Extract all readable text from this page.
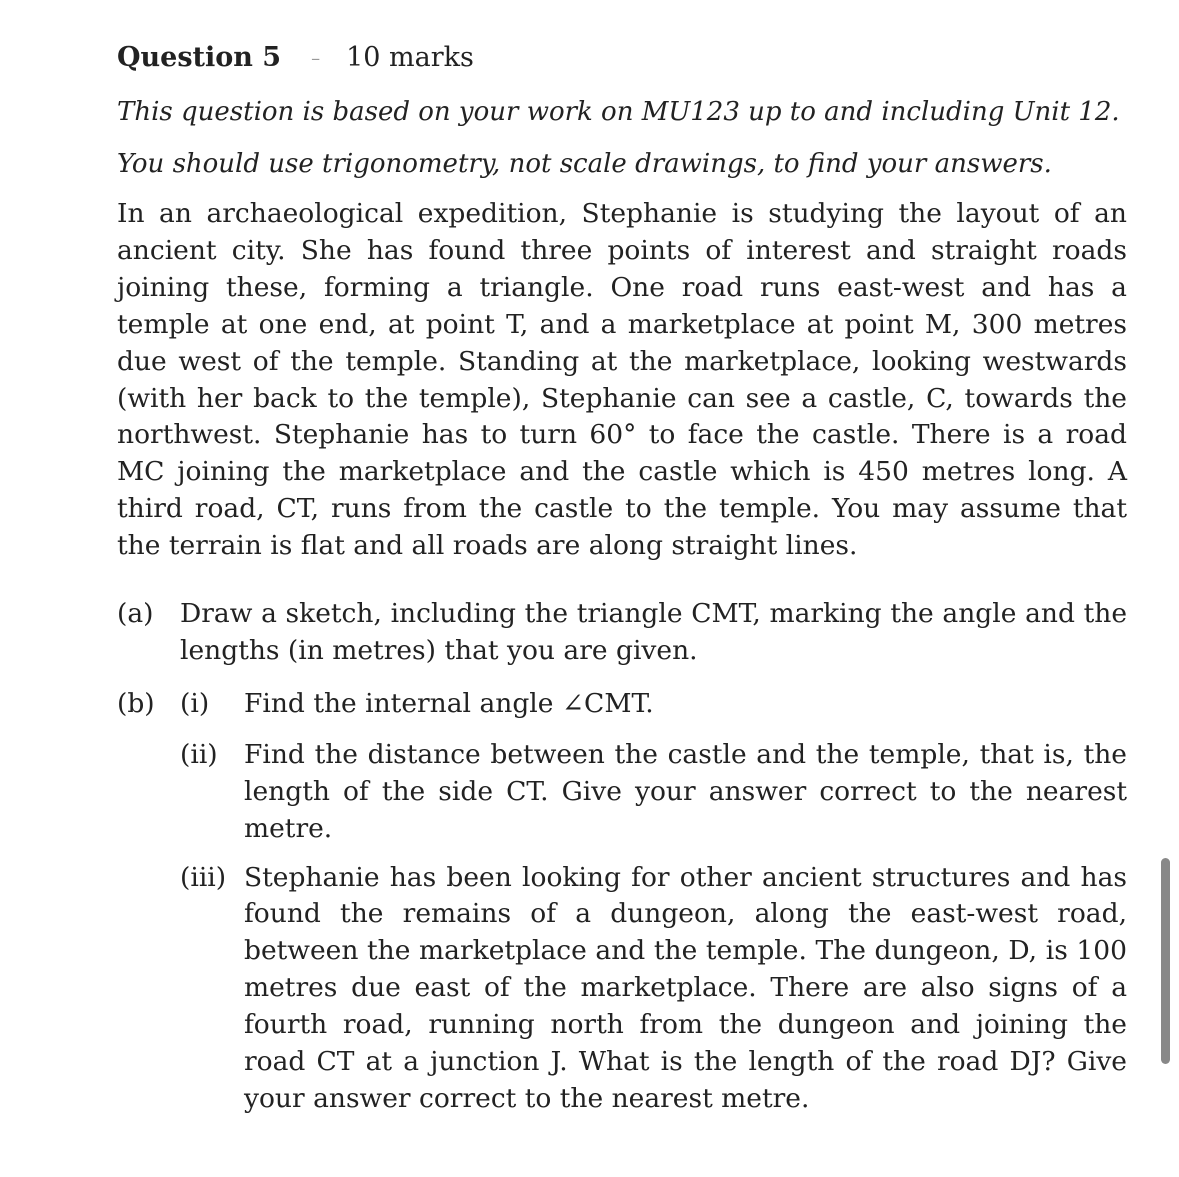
Question 5 – 10 marks
This question is based on your work on MU123 up to and including Unit 12.
You should use trigonometry, not scale drawings, to find your answers.
In an archaeological expedition, Stephanie is studying the layout of an ancient city. She has found three points of interest and straight roads joining these, forming a triangle. One road runs east-west and has a temple at one end, at point T, and a marketplace at point M, 300 metres due west of the temple. Standing at the marketplace, looking westwards (with her back to the temple), Stephanie can see a castle, C, towards the northwest. Stephanie has to turn 60° to face the castle. There is a road MC joining the marketplace and the castle which is 450 metres long. A third road, CT, runs from the castle to the temple. You may assume that the terrain is flat and all roads are along straight lines.
(a) Draw a sketch, including the triangle CMT, marking the angle and the lengths (in metres) that you are given.
(b) (i) Find the internal angle ∠CMT.
(ii) Find the distance between the castle and the temple, that is, the length of the side CT. Give your answer correct to the nearest metre.
(iii) Stephanie has been looking for other ancient structures and has found the remains of a dungeon, along the east-west road, between the marketplace and the temple. The dungeon, D, is 100 metres due east of the marketplace. There are also signs of a fourth road, running north from the dungeon and joining the road CT at a junction J. What is the length of the road DJ? Give your answer correct to the nearest metre.
